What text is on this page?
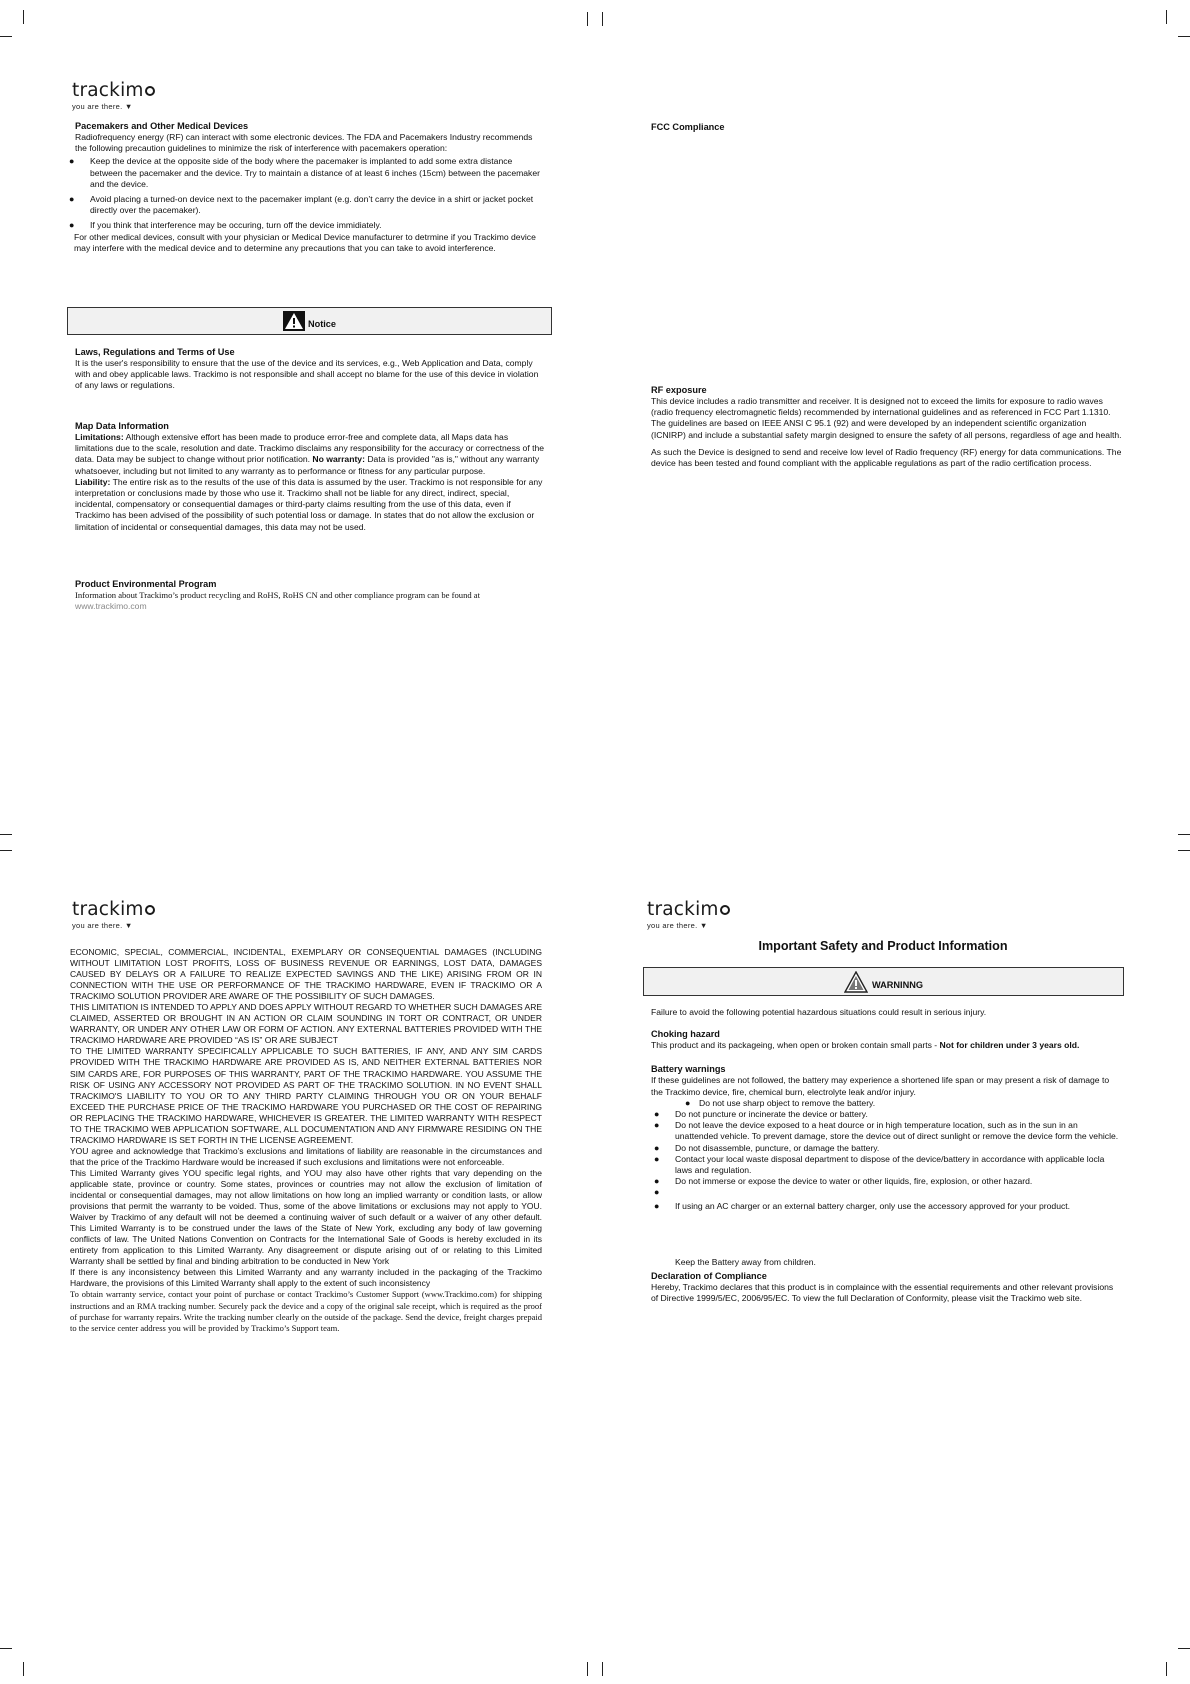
trackim
you are there. ▼
Pacemakers and Other Medical Devices

Radiofrequency energy (RF) can interact with some electronic devices. The FDA and Pacemakers Industry recommends the following precaution guidelines to minimize the risk of interference with pacemakers operation:

● Keep the device at the opposite side of the body where the pacemaker is implanted to add some extra distance between the pacemaker and the device. Try to maintain a distance of at least 6 inches (15cm) between the pacemaker and the device.
● Avoid placing a turned-on device next to the pacemaker implant (e.g. don’t carry the device in a shirt or jacket pocket directly over the pacemaker).
● If you think that interference may be occuring, turn off the device immidiately.

For other medical devices, consult with your physician or Medical Device manufacturer to detrmine if you Trackimo device may interfere with the medical device and to determine any precautions that you can take to avoid interference.

Notice
Laws, Regulations and Terms of Use

It is the user's responsibility to ensure that the use of the device and its services, e.g., Web Application and Data, comply with and obey applicable laws. Trackimo is not responsible and shall accept no blame for the use of this device in violation of any laws or regulations.

Map Data Information

Limitations: Although extensive effort has been made to produce error-free and complete data, all Maps data has limitations due to the scale, resolution and date. Trackimo disclaims any responsibility for the accuracy or correctness of the data. Data may be subject to change without prior notification. No warranty: Data is provided "as is," without any warranty whatsoever, including but not limited to any warranty as to performance or fitness for any particular purpose.

Liability: The entire risk as to the results of the use of this data is assumed by the user. Trackimo is not responsible for any interpretation or conclusions made by those who use it. Trackimo shall not be liable for any direct, indirect, special, incidental, compensatory or consequential damages or third-party claims resulting from the use of this data, even if Trackimo has been advised of the possibility of such potential loss or damage. In states that do not allow the exclusion or limitation of incidental or consequential damages, this data may not be used.

Product Environmental Program

Information about Trackimo’s product recycling and RoHS, RoHS CN and other compliance program can be found at www.trackimo.com

FCC Compliance
RF exposure

This device includes a radio transmitter and receiver. It is designed not to exceed the limits for exposure to radio waves (radio frequency electromagnetic fields) recommended by international guidelines and as referenced in FCC Part 1.1310. The guidelines are based on IEEE ANSI C 95.1 (92) and were developed by an independent scientific organization (ICNIRP) and include a substantial safety margin designed to ensure the safety of all persons, regardless of age and health.

As such the Device is designed to send and receive low level of Radio frequency (RF) energy for data communications. The device has been tested and found compliant with the applicable regulations as part of the radio certification process.

trackim
you are there. ▼

ECONOMIC, SPECIAL, COMMERCIAL, INCIDENTAL, EXEMPLARY OR CONSEQUENTIAL DAMAGES (INCLUDING WITHOUT LIMITATION LOST PROFITS, LOSS OF BUSINESS REVENUE OR EARNINGS, LOST DATA, DAMAGES CAUSED BY DELAYS OR A FAILURE TO REALIZE EXPECTED SAVINGS AND THE LIKE) ARISING FROM OR IN CONNECTION WITH THE USE OR PERFORMANCE OF THE TRACKIMO HARDWARE, EVEN IF TRACKIMO OR A TRACKIMO SOLUTION PROVIDER ARE AWARE OF THE POSSIBILITY OF SUCH DAMAGES.

THIS LIMITATION IS INTENDED TO APPLY AND DOES APPLY WITHOUT REGARD TO WHETHER SUCH DAMAGES ARE CLAIMED, ASSERTED OR BROUGHT IN AN ACTION OR CLAIM SOUNDING IN TORT OR CONTRACT, OR UNDER WARRANTY, OR UNDER ANY OTHER LAW OR FORM OF ACTION. ANY EXTERNAL BATTERIES PROVIDED WITH THE TRACKIMO HARDWARE ARE PROVIDED “AS IS” OR ARE SUBJECT

TO THE LIMITED WARRANTY SPECIFICALLY APPLICABLE TO SUCH BATTERIES, IF ANY, AND ANY SIM CARDS PROVIDED WITH THE TRACKIMO HARDWARE ARE PROVIDED AS IS, AND NEITHER EXTERNAL BATTERIES NOR SIM CARDS ARE, FOR PURPOSES OF THIS WARRANTY, PART OF THE TRACKIMO HARDWARE. YOU ASSUME THE RISK OF USING ANY ACCESSORY NOT PROVIDED AS PART OF THE TRACKIMO SOLUTION. IN NO EVENT SHALL TRACKIMO'S LIABILITY TO YOU OR TO ANY THIRD PARTY CLAIMING THROUGH YOU OR ON YOUR BEHALF EXCEED THE PURCHASE PRICE OF THE TRACKIMO HARDWARE YOU PURCHASED OR THE COST OF REPAIRING OR REPLACING THE TRACKIMO HARDWARE, WHICHEVER IS GREATER. THE LIMITED WARRANTY WITH RESPECT TO THE TRACKIMO WEB APPLICATION SOFTWARE, ALL DOCUMENTATION AND ANY FIRMWARE RESIDING ON THE TRACKIMO HARDWARE IS SET FORTH IN THE LICENSE AGREEMENT.

YOU agree and acknowledge that Trackimo’s exclusions and limitations of liability are reasonable in the circumstances and that the price of the Trackimo Hardware would be increased if such exclusions and limitations were not enforceable.

This Limited Warranty gives YOU specific legal rights, and YOU may also have other rights that vary depending on the applicable state, province or country. Some states, provinces or countries may not allow the exclusion of limitation of incidental or consequential damages, may not allow limitations on how long an implied warranty or condition lasts, or allow provisions that permit the warranty to be voided. Thus, some of the above limitations or exclusions may not apply to YOU. Waiver by Trackimo of any default will not be deemed a continuing waiver of such default or a waiver of any other default. This Limited Warranty is to be construed under the laws of the State of New York, excluding any body of law governing conflicts of law. The United Nations Convention on Contracts for the International Sale of Goods is hereby excluded in its entirety from application to this Limited Warranty. Any disagreement or dispute arising out of or relating to this Limited Warranty shall be settled by final and binding arbitration to be conducted in New York

If there is any inconsistency between this Limited Warranty and any warranty included in the packaging of the Trackimo Hardware, the provisions of this Limited Warranty shall apply to the extent of such inconsistency

To obtain warranty service, contact your point of purchase or contact Trackimo’s Customer Support (www.Trackimo.com) for shipping instructions and an RMA tracking number. Securely pack the device and a copy of the original sale receipt, which is required as the proof of purchase for warranty repairs. Write the tracking number clearly on the outside of the package. Send the device, freight charges prepaid to the service center address you will be provided by Trackimo’s Support team.

trackim
you are there. ▼
Important Safety and Product Information
WARNINNG

Failure to avoid the following potential hazardous situations could result in serious injury.

Choking hazard

This product and its packageing, when open or broken contain small parts - Not for children under 3 years old.

Battery warnings

If these guidelines are not followed, the battery may experience a shortened life span or may present a risk of damage to the Trackimo device, fire, chemical burn, electrolyte leak and/or injury.

● Do not use sharp object to remove the battery.
● Do not puncture or incinerate the device or battery.
● Do not leave the device exposed to a heat dource or in high temperature location, such as in the sun in an unattended vehicle. To prevent damage, store the device out of direct sunlight or remove the device form the vehicle.
● Do not disassemble, puncture, or damage the battery.
● Contact your local waste disposal department to dispose of the device/battery in accordance with applicable locla laws and regulation.
● Do not immerse or expose the device to water or other liquids, fire, explosion, or other hazard.
●
● If using an AC charger or an external battery charger, only use the accessory approved for your product.

Keep the Battery away from children.

Declaration of Compliance

Hereby, Trackimo declares that this product is in complaince with the essential requirements and other relevant provisions of Directive 1999/5/EC, 2006/95/EC. To view the full Declaration of Conformity, please visit the Trackimo web site.
